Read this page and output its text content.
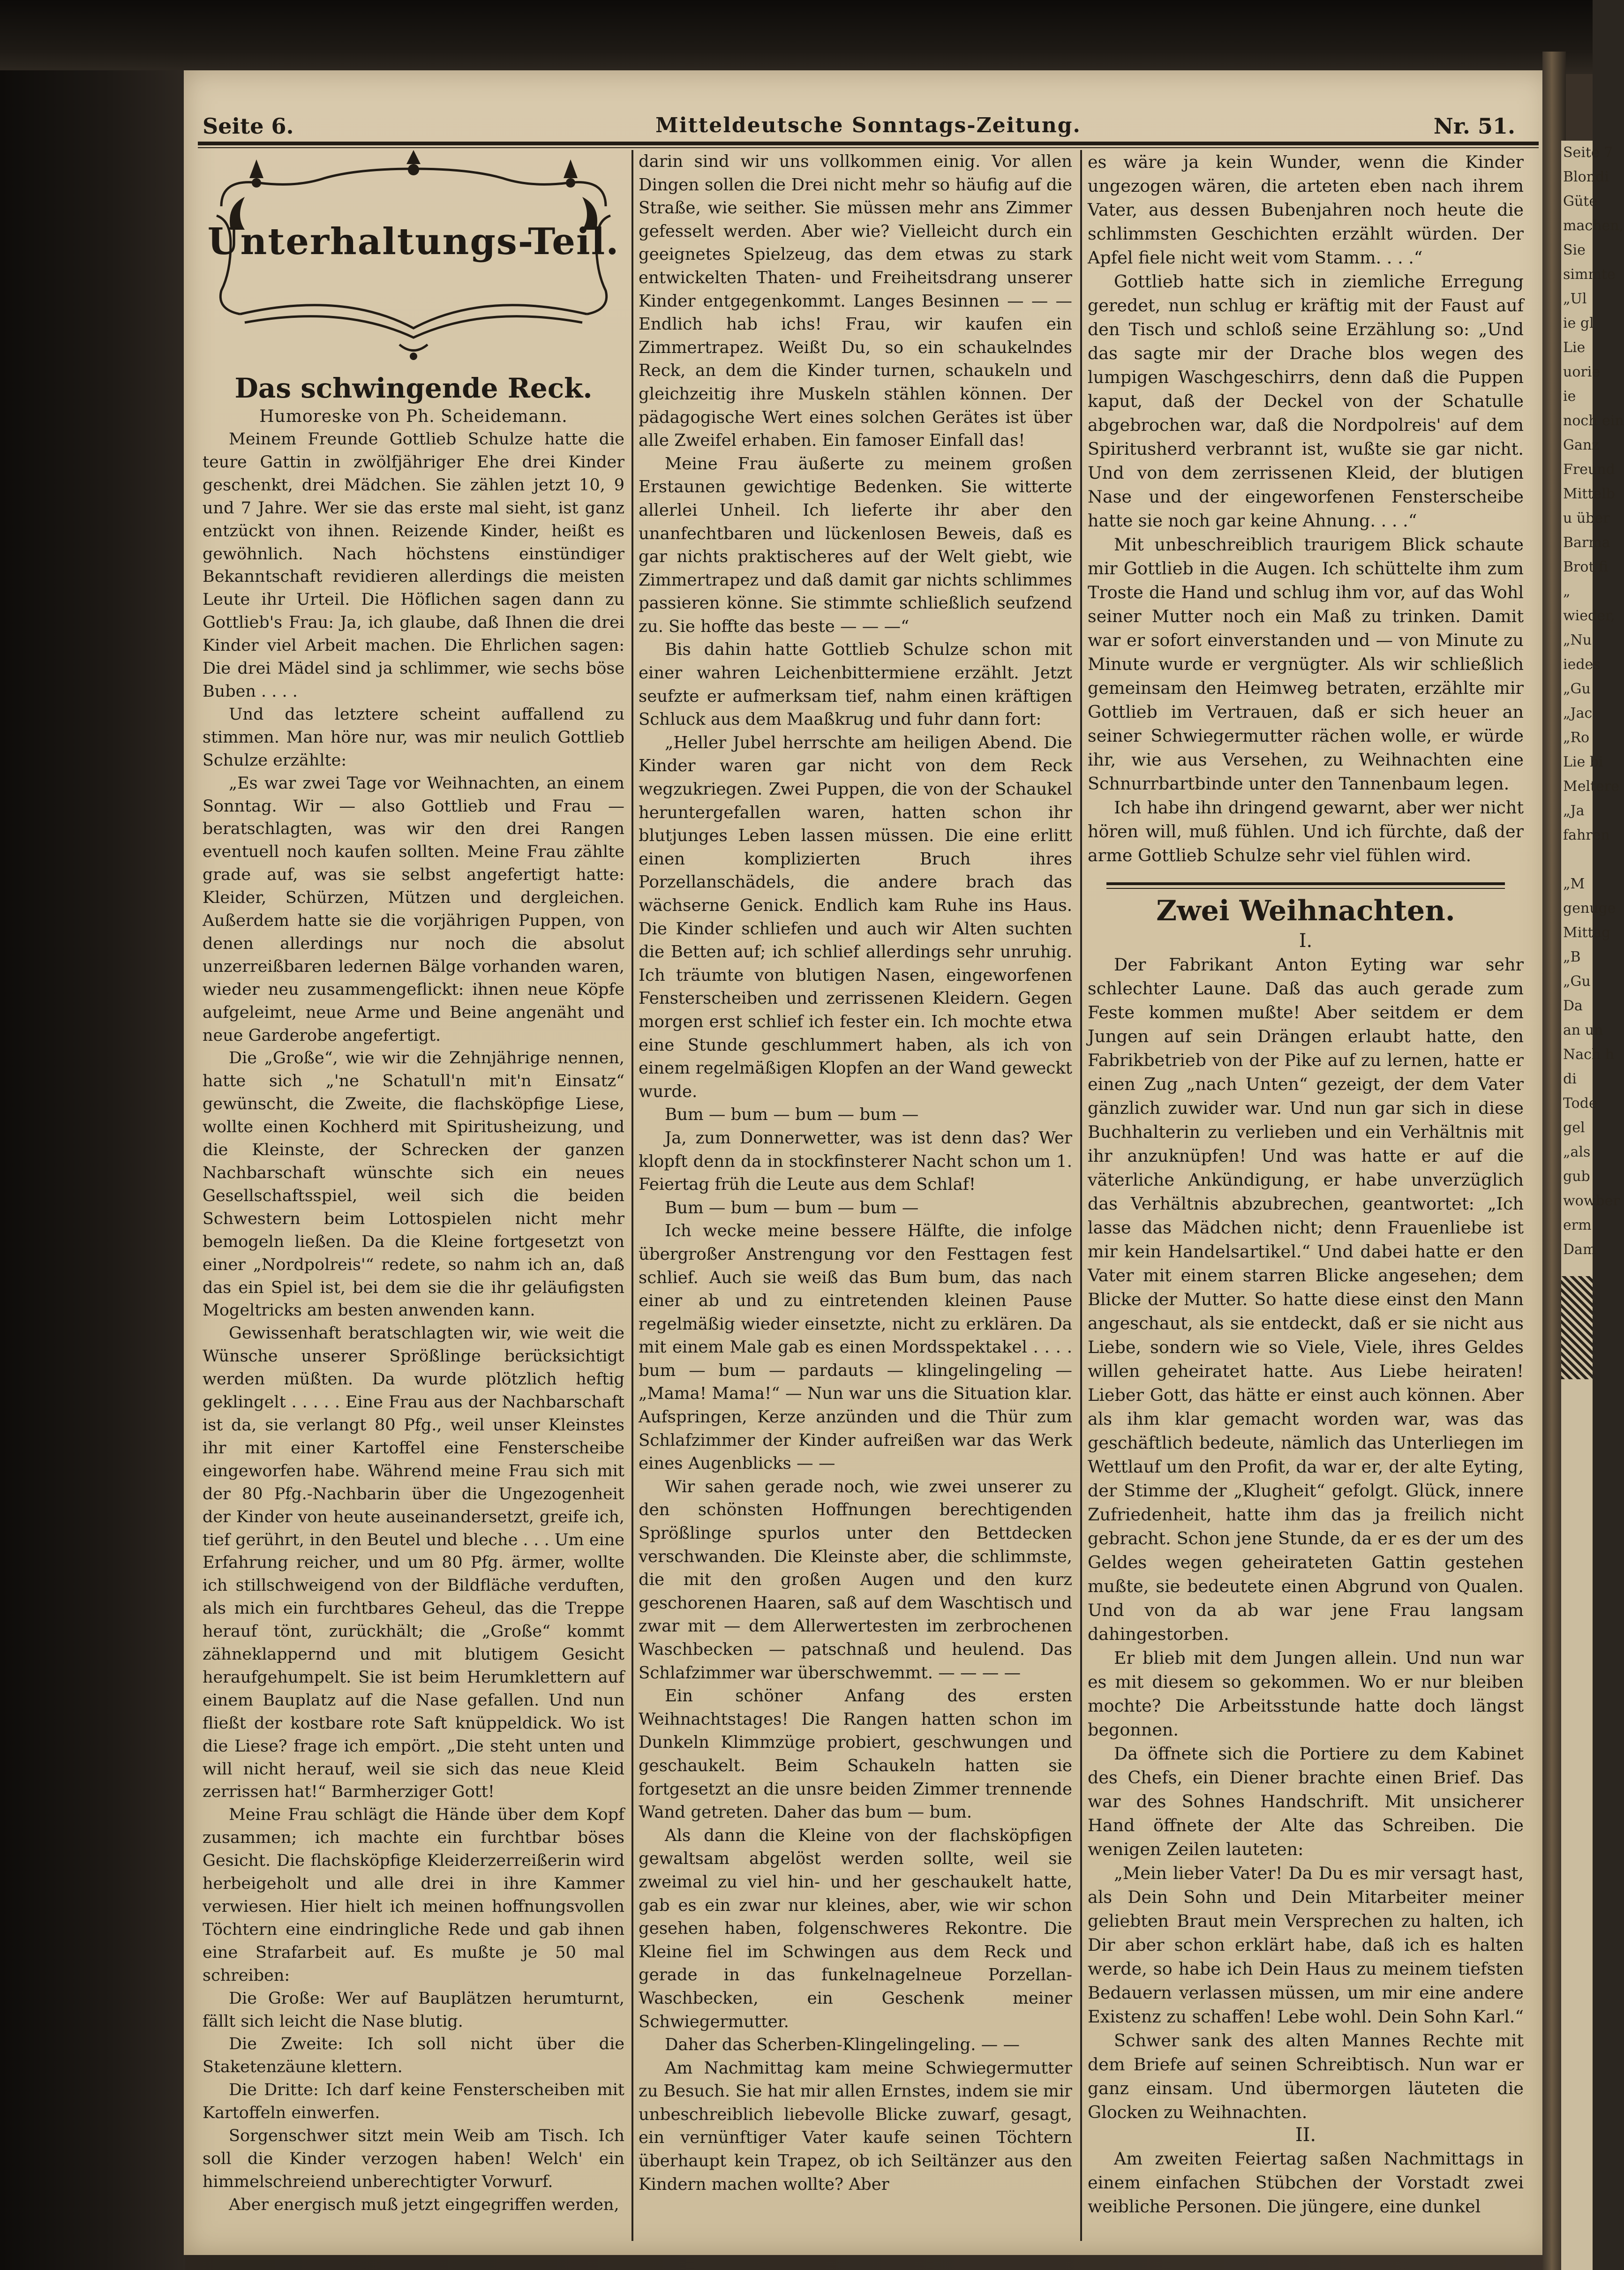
Seite 6.	Mitteldeutsche Sonntags-Zeitung.	Nr. 51.
Unterhaltungs-Teil.
Das schwingende Reck.
Humoreske von Ph. Scheidemann.

Meinem Freunde Gottlieb Schulze hatte die teure Gattin in zwölfjähriger Ehe drei Kinder geschenkt, drei Mädchen. Sie zählen jetzt 10, 9 und 7 Jahre. Wer sie das erste mal sieht, ist ganz entzückt von ihnen. Reizende Kinder, heißt es gewöhnlich. Nach höchstens einstündiger Bekanntschaft revidieren allerdings die meisten Leute ihr Urteil. Die Höflichen sagen dann zu Gottlieb's Frau: Ja, ich glaube, daß Ihnen die drei Kinder viel Arbeit machen. Die Ehrlichen sagen: Die drei Mädel sind ja schlimmer, wie sechs böse Buben . . . .

Und das letztere scheint auffallend zu stimmen. Man höre nur, was mir neulich Gottlieb Schulze erzählte:

„Es war zwei Tage vor Weihnachten, an einem Sonntag. Wir — also Gottlieb und Frau — beratschlagten, was wir den drei Rangen eventuell noch kaufen sollten. Meine Frau zählte grade auf, was sie selbst angefertigt hatte: Kleider, Schürzen, Mützen und dergleichen. Außerdem hatte sie die vorjährigen Puppen, von denen allerdings nur noch die absolut unzerreißbaren ledernen Bälge vorhanden waren, wieder neu zusammengeflickt: ihnen neue Köpfe aufgeleimt, neue Arme und Beine angenäht und neue Garderobe angefertigt.

Die „Große“, wie wir die Zehnjährige nennen, hatte sich „'ne Schatull'n mit'n Einsatz“ gewünscht, die Zweite, die flachsköpfige Liese, wollte einen Kochherd mit Spiritusheizung, und die Kleinste, der Schrecken der ganzen Nachbarschaft wünschte sich ein neues Gesellschaftsspiel, weil sich die beiden Schwestern beim Lottospielen nicht mehr bemogeln ließen. Da die Kleine fortgesetzt von einer „Nordpolreis'“ redete, so nahm ich an, daß das ein Spiel ist, bei dem sie die ihr geläufigsten Mogeltricks am besten anwenden kann.

Gewissenhaft beratschlagten wir, wie weit die Wünsche unserer Sprößlinge berücksichtigt werden müßten. Da wurde plötzlich heftig geklingelt . . . . . Eine Frau aus der Nachbarschaft ist da, sie verlangt 80 Pfg., weil unser Kleinstes ihr mit einer Kartoffel eine Fensterscheibe eingeworfen habe. Während meine Frau sich mit der 80 Pfg.-Nachbarin über die Ungezogenheit der Kinder von heute auseinandersetzt, greife ich, tief gerührt, in den Beutel und bleche . . . Um eine Erfahrung reicher, und um 80 Pfg. ärmer, wollte ich stillschweigend von der Bildfläche verduften, als mich ein furchtbares Geheul, das die Treppe herauf tönt, zurückhält; die „Große“ kommt zähneklappernd und mit blutigem Gesicht heraufgehumpelt. Sie ist beim Herumklettern auf einem Bauplatz auf die Nase gefallen. Und nun fließt der kostbare rote Saft knüppeldick. Wo ist die Liese? frage ich empört. „Die steht unten und will nicht herauf, weil sie sich das neue Kleid zerrissen hat!“ Barmherziger Gott!

Meine Frau schlägt die Hände über dem Kopf zusammen; ich machte ein furchtbar böses Gesicht. Die flachsköpfige Kleiderzerreißerin wird herbeigeholt und alle drei in ihre Kammer verwiesen. Hier hielt ich meinen hoffnungsvollen Töchtern eine eindringliche Rede und gab ihnen eine Strafarbeit auf. Es mußte je 50 mal schreiben:

Die Große: Wer auf Bauplätzen herumturnt, fällt sich leicht die Nase blutig.

Die Zweite: Ich soll nicht über die Staketenzäune klettern.

Die Dritte: Ich darf keine Fensterscheiben mit Kartoffeln einwerfen.

Sorgenschwer sitzt mein Weib am Tisch. Ich soll die Kinder verzogen haben! Welch' ein himmelschreiend unberechtigter Vorwurf.

Aber energisch muß jetzt eingegriffen werden,

darin sind wir uns vollkommen einig. Vor allen Dingen sollen die Drei nicht mehr so häufig auf die Straße, wie seither. Sie müssen mehr ans Zimmer gefesselt werden. Aber wie? Vielleicht durch ein geeignetes Spielzeug, das dem etwas zu stark entwickelten Thaten- und Freiheitsdrang unserer Kinder entgegenkommt. Langes Besinnen — — — Endlich hab ichs! Frau, wir kaufen ein Zimmertrapez. Weißt Du, so ein schaukelndes Reck, an dem die Kinder turnen, schaukeln und gleichzeitig ihre Muskeln stählen können. Der pädagogische Wert eines solchen Gerätes ist über alle Zweifel erhaben. Ein famoser Einfall das!

Meine Frau äußerte zu meinem großen Erstaunen gewichtige Bedenken. Sie witterte allerlei Unheil. Ich lieferte ihr aber den unanfechtbaren und lückenlosen Beweis, daß es gar nichts praktischeres auf der Welt giebt, wie Zimmertrapez und daß damit gar nichts schlimmes passieren könne. Sie stimmte schließlich seufzend zu. Sie hoffte das beste — — —“

Bis dahin hatte Gottlieb Schulze schon mit einer wahren Leichenbittermiene erzählt. Jetzt seufzte er aufmerksam tief, nahm einen kräftigen Schluck aus dem Maaßkrug und fuhr dann fort:

„Heller Jubel herrschte am heiligen Abend. Die Kinder waren gar nicht von dem Reck wegzukriegen. Zwei Puppen, die von der Schaukel heruntergefallen waren, hatten schon ihr blutjunges Leben lassen müssen. Die eine erlitt einen komplizierten Bruch ihres Porzellanschädels, die andere brach das wächserne Genick. Endlich kam Ruhe ins Haus. Die Kinder schliefen und auch wir Alten suchten die Betten auf; ich schlief allerdings sehr unruhig. Ich träumte von blutigen Nasen, eingeworfenen Fensterscheiben und zerrissenen Kleidern. Gegen morgen erst schlief ich fester ein. Ich mochte etwa eine Stunde geschlummert haben, als ich von einem regelmäßigen Klopfen an der Wand geweckt wurde.

Bum — bum — bum — bum —

Ja, zum Donnerwetter, was ist denn das? Wer klopft denn da in stockfinsterer Nacht schon um 1. Feiertag früh die Leute aus dem Schlaf!

Bum — bum — bum — bum —

Ich wecke meine bessere Hälfte, die infolge übergroßer Anstrengung vor den Festtagen fest schlief. Auch sie weiß das Bum bum, das nach einer ab und zu eintretenden kleinen Pause regelmäßig wieder einsetzte, nicht zu erklären. Da mit einem Male gab es einen Mordsspektakel . . . . bum — bum — pardauts — klingelingeling — „Mama! Mama!“ — Nun war uns die Situation klar. Aufspringen, Kerze anzünden und die Thür zum Schlafzimmer der Kinder aufreißen war das Werk eines Augenblicks — —

Wir sahen gerade noch, wie zwei unserer zu den schönsten Hoffnungen berechtigenden Sprößlinge spurlos unter den Bettdecken verschwanden. Die Kleinste aber, die schlimmste, die mit den großen Augen und den kurz geschorenen Haaren, saß auf dem Waschtisch und zwar mit — dem Allerwertesten im zerbrochenen Waschbecken — patschnaß und heulend. Das Schlafzimmer war überschwemmt. — — — —

Ein schöner Anfang des ersten Weihnachtstages! Die Rangen hatten schon im Dunkeln Klimmzüge probiert, geschwungen und geschaukelt. Beim Schaukeln hatten sie fortgesetzt an die unsre beiden Zimmer trennende Wand getreten. Daher das bum — bum.

Als dann die Kleine von der flachsköpfigen gewaltsam abgelöst werden sollte, weil sie zweimal zu viel hin- und her geschaukelt hatte, gab es ein zwar nur kleines, aber, wie wir schon gesehen haben, folgenschweres Rekontre. Die Kleine fiel im Schwingen aus dem Reck und gerade in das funkelnagelneue Porzellan-Waschbecken, ein Geschenk meiner Schwiegermutter.

Daher das Scherben-Klingelingeling. — —

Am Nachmittag kam meine Schwiegermutter zu Besuch. Sie hat mir allen Ernstes, indem sie mir unbeschreiblich liebevolle Blicke zuwarf, gesagt, ein vernünftiger Vater kaufe seinen Töchtern überhaupt kein Trapez, ob ich Seiltänzer aus den Kindern machen wollte? Aber

es wäre ja kein Wunder, wenn die Kinder ungezogen wären, die arteten eben nach ihrem Vater, aus dessen Bubenjahren noch heute die schlimmsten Geschichten erzählt würden. Der Apfel fiele nicht weit vom Stamm. . . .“

Gottlieb hatte sich in ziemliche Erregung geredet, nun schlug er kräftig mit der Faust auf den Tisch und schloß seine Erzählung so: „Und das sagte mir der Drache blos wegen des lumpigen Waschgeschirrs, denn daß die Puppen kaput, daß der Deckel von der Schatulle abgebrochen war, daß die Nordpolreis' auf dem Spiritusherd verbrannt ist, wußte sie gar nicht. Und von dem zerrissenen Kleid, der blutigen Nase und der eingeworfenen Fensterscheibe hatte sie noch gar keine Ahnung. . . .“

Mit unbeschreiblich traurigem Blick schaute mir Gottlieb in die Augen. Ich schüttelte ihm zum Troste die Hand und schlug ihm vor, auf das Wohl seiner Mutter noch ein Maß zu trinken. Damit war er sofort einverstanden und — von Minute zu Minute wurde er vergnügter. Als wir schließlich gemeinsam den Heimweg betraten, erzählte mir Gottlieb im Vertrauen, daß er sich heuer an seiner Schwiegermutter rächen wolle, er würde ihr, wie aus Versehen, zu Weihnachten eine Schnurrbartbinde unter den Tannenbaum legen.

Ich habe ihn dringend gewarnt, aber wer nicht hören will, muß fühlen. Und ich fürchte, daß der arme Gottlieb Schulze sehr viel fühlen wird.

Zwei Weihnachten.
I.

Der Fabrikant Anton Eyting war sehr schlechter Laune. Daß das auch gerade zum Feste kommen mußte! Aber seitdem er dem Jungen auf sein Drängen erlaubt hatte, den Fabrikbetrieb von der Pike auf zu lernen, hatte er einen Zug „nach Unten“ gezeigt, der dem Vater gänzlich zuwider war. Und nun gar sich in diese Buchhalterin zu verlieben und ein Verhältnis mit ihr anzuknüpfen! Und was hatte er auf die väterliche Ankündigung, er habe unverzüglich das Verhältnis abzubrechen, geantwortet: „Ich lasse das Mädchen nicht; denn Frauenliebe ist mir kein Handelsartikel.“ Und dabei hatte er den Vater mit einem starren Blicke angesehen; dem Blicke der Mutter. So hatte diese einst den Mann angeschaut, als sie entdeckt, daß er sie nicht aus Liebe, sondern wie so Viele, Viele, ihres Geldes willen geheiratet hatte. Aus Liebe heiraten! Lieber Gott, das hätte er einst auch können. Aber als ihm klar gemacht worden war, was das geschäftlich bedeute, nämlich das Unterliegen im Wettlauf um den Profit, da war er, der alte Eyting, der Stimme der „Klugheit“ gefolgt. Glück, innere Zufriedenheit, hatte ihm das ja freilich nicht gebracht. Schon jene Stunde, da er es der um des Geldes wegen geheirateten Gattin gestehen mußte, sie bedeutete einen Abgrund von Qualen. Und von da ab war jene Frau langsam dahingestorben.

Er blieb mit dem Jungen allein. Und nun war es mit diesem so gekommen. Wo er nur bleiben mochte? Die Arbeitsstunde hatte doch längst begonnen.

Da öffnete sich die Portiere zu dem Kabinet des Chefs, ein Diener brachte einen Brief. Das war des Sohnes Handschrift. Mit unsicherer Hand öffnete der Alte das Schreiben. Die wenigen Zeilen lauteten:

„Mein lieber Vater! Da Du es mir versagt hast, als Dein Sohn und Dein Mitarbeiter meiner geliebten Braut mein Versprechen zu halten, ich Dir aber schon erklärt habe, daß ich es halten werde, so habe ich Dein Haus zu meinem tiefsten Bedauern verlassen müssen, um mir eine andere Existenz zu schaffen! Lebe wohl. Dein Sohn Karl.“

Schwer sank des alten Mannes Rechte mit dem Briefe auf seinen Schreibtisch. Nun war er ganz einsam. Und übermorgen läuteten die Glocken zu Weihnachten.

II.

Am zweiten Feiertag saßen Nachmittags in einem einfachen Stübchen der Vorstadt zwei weibliche Personen. Die jüngere, eine dunkel

Seite 7
Blondi
Güte
machen,
Sie
simmte
„Ul
ie gl
Lie
uorie
ie
noch ein
Ganz
Freund
Mittelb
u über
Barma
Brot fi
„
wieder,
„Nu
iedes
„Gu
„Jac
„Ro
Lie bi
Meltere
„Ja
fahren

„M
genuge
Mittag
„B
„Gu
Da
an un
Nach h
di
Tode
gel
„als
gub
wowber
erm
Dam
